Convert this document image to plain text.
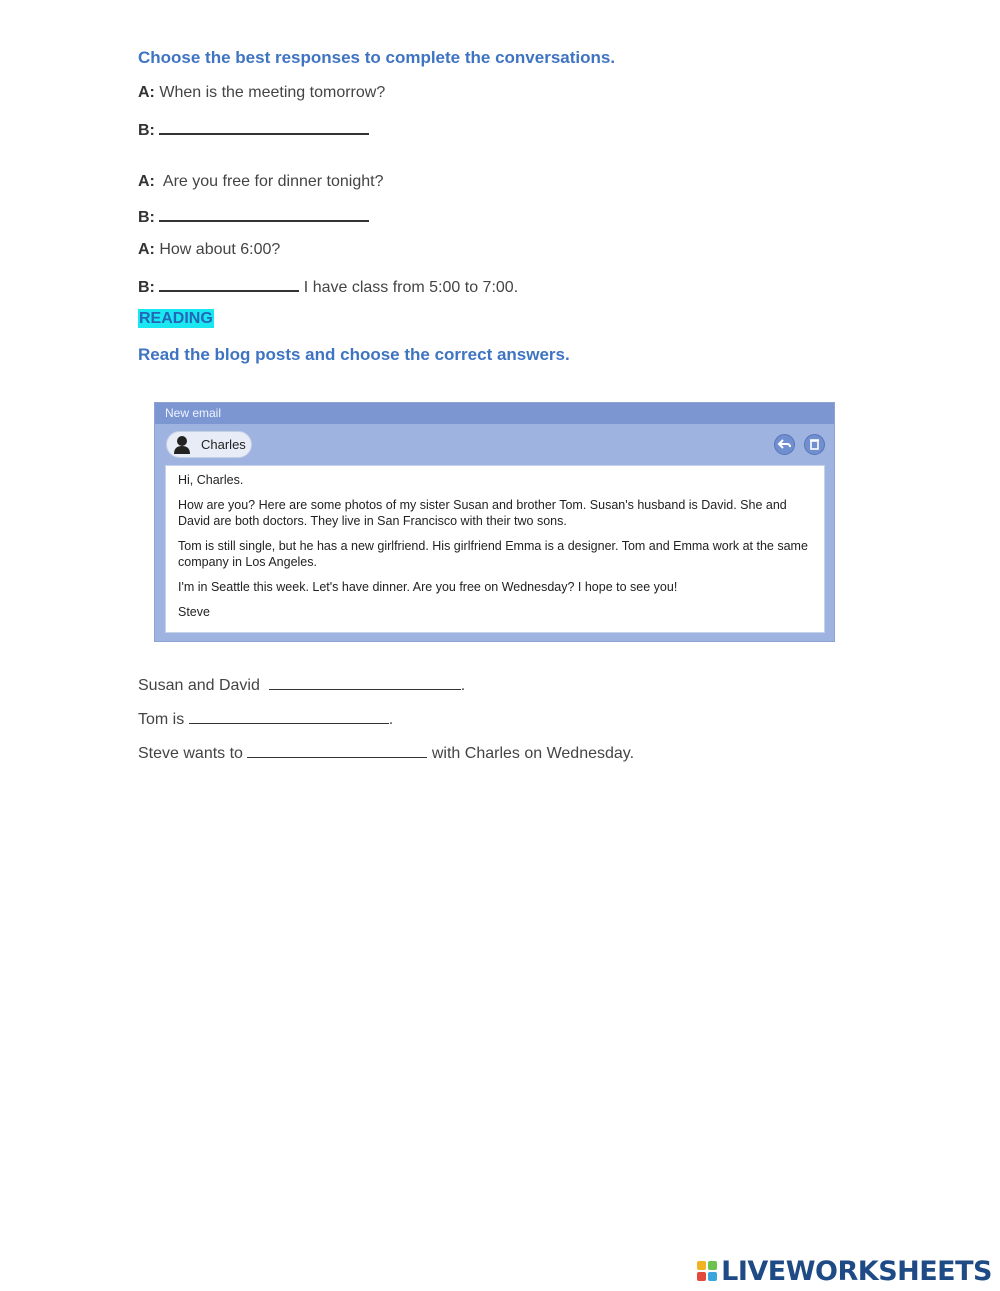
Choose the best responses to complete the conversations.
A: When is the meeting tomorrow?
B:
A:  Are you free for dinner tonight?
B:
A: How about 6:00?
B:	I have class from 5:00 to 7:00.
READING
Read the blog posts and choose the correct answers.
New email
Charles

Hi, Charles.

How are you? Here are some photos of my sister Susan and brother Tom. Susan's husband is David. She and David are both doctors. They live in San Francisco with their two sons.

Tom is still single, but he has a new girlfriend. His girlfriend Emma is a designer. Tom and Emma work at the same company in Los Angeles.

I'm in Seattle this week. Let's have dinner. Are you free on Wednesday? I hope to see you!

Steve

Susan and David	.
Tom is	.
Steve wants to	with Charles on Wednesday.
LIVEWORKSHEETS
